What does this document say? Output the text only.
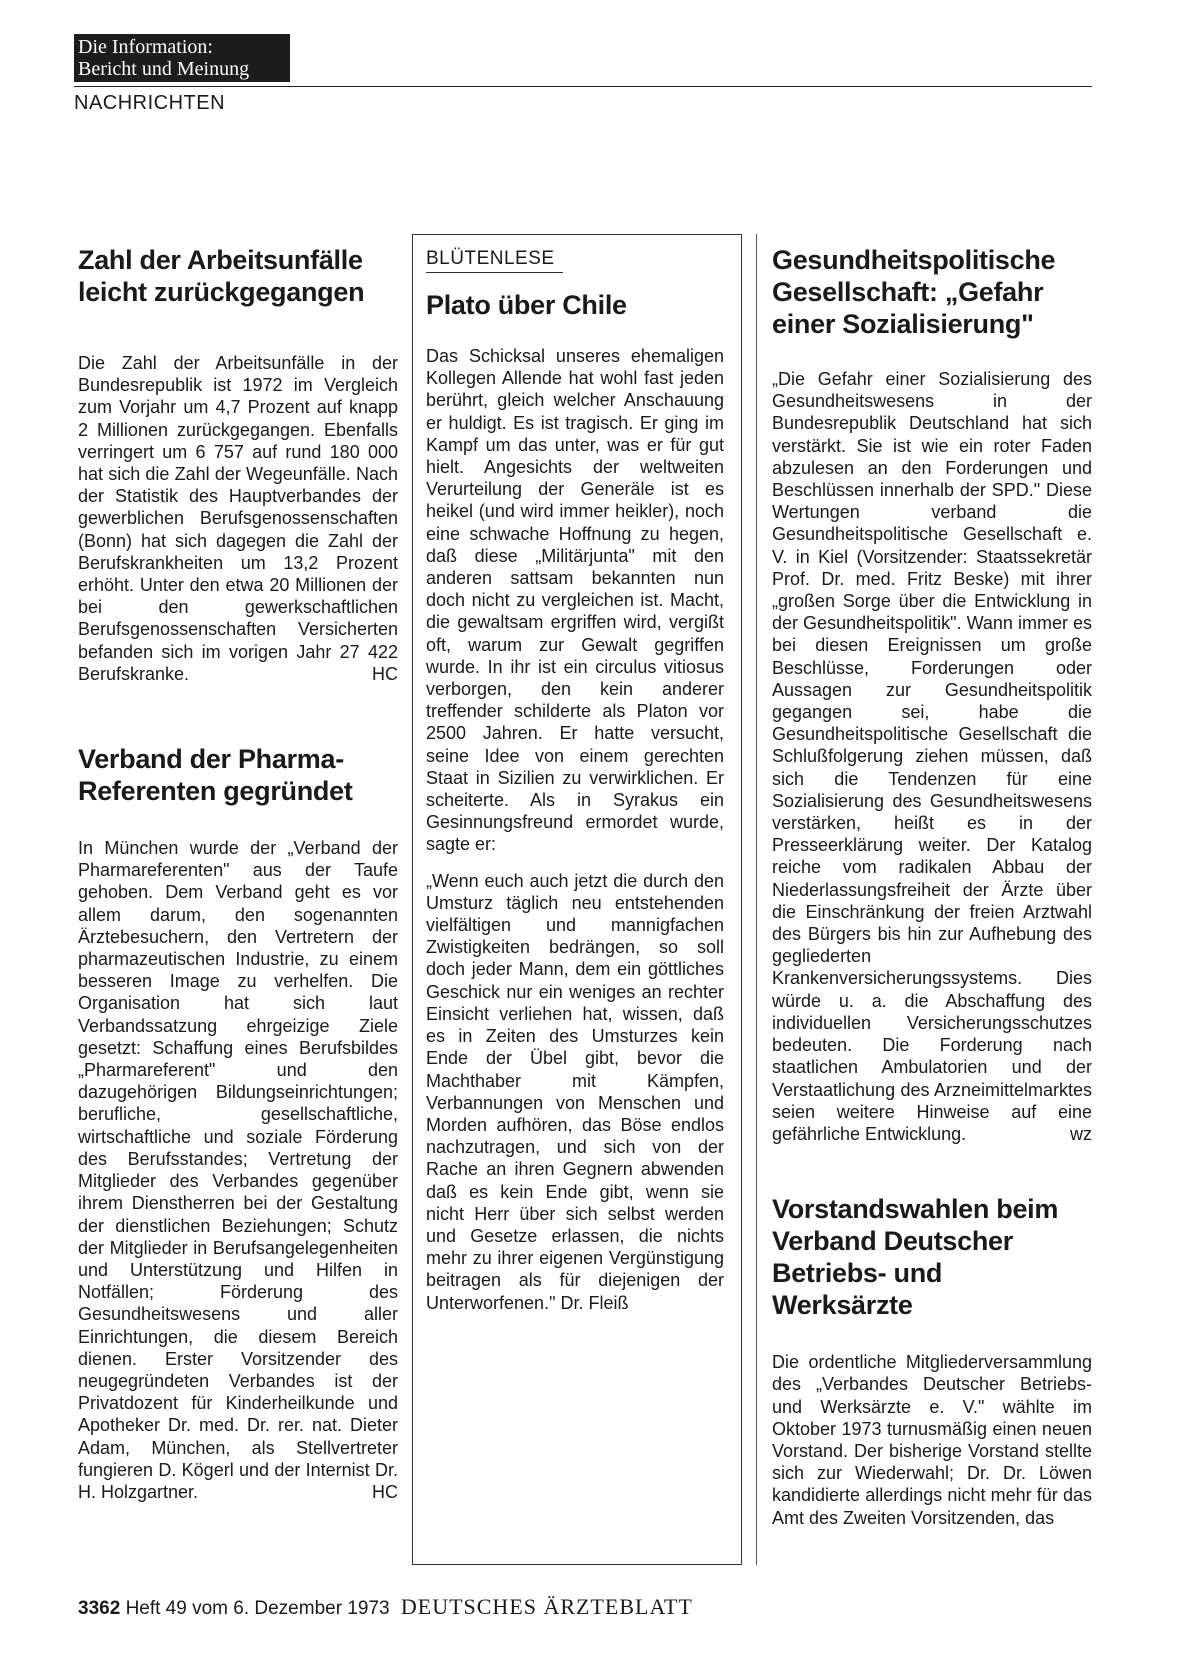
Die Information:
Bericht und Meinung
NACHRICHTEN
Zahl der Arbeitsunfälle leicht zurückgegangen

Die Zahl der Arbeitsunfälle in der Bundesrepublik ist 1972 im Vergleich zum Vorjahr um 4,7 Prozent auf knapp 2 Millionen zurückgegangen. Ebenfalls verringert um 6 757 auf rund 180 000 hat sich die Zahl der Wegeunfälle. Nach der Statistik des Hauptverbandes der gewerblichen Berufsgenossenschaften (Bonn) hat sich dagegen die Zahl der Berufskrankheiten um 13,2 Prozent erhöht. Unter den etwa 20 Millionen der bei den gewerkschaftlichen Berufsgenossenschaften Versicherten befanden sich im vorigen Jahr 27 422 Berufskranke.	HC

Verband der Pharma-Referenten gegründet

In München wurde der „Verband der Pharmareferenten" aus der Taufe gehoben. Dem Verband geht es vor allem darum, den sogenannten Ärztebesuchern, den Vertretern der pharmazeutischen Industrie, zu einem besseren Image zu verhelfen. Die Organisation hat sich laut Verbandssatzung ehrgeizige Ziele gesetzt: Schaffung eines Berufsbildes „Pharmareferent" und den dazugehörigen Bildungseinrichtungen; berufliche, gesellschaftliche, wirtschaftliche und soziale Förderung des Berufsstandes; Vertretung der Mitglieder des Verbandes gegenüber ihrem Dienstherren bei der Gestaltung der dienstlichen Beziehungen; Schutz der Mitglieder in Berufsangelegenheiten und Unterstützung und Hilfen in Notfällen; Förderung des Gesundheitswesens und aller Einrichtungen, die diesem Bereich dienen. Erster Vorsitzender des neugegründeten Verbandes ist der Privatdozent für Kinderheilkunde und Apotheker Dr. med. Dr. rer. nat. Dieter Adam, München, als Stellvertreter fungieren D. Kögerl und der Internist Dr. H. Holzgartner.	HC

BLÜTENLESE
Plato über Chile

Das Schicksal unseres ehemaligen Kollegen Allende hat wohl fast jeden berührt, gleich welcher Anschauung er huldigt. Es ist tragisch. Er ging im Kampf um das unter, was er für gut hielt. Angesichts der weltweiten Verurteilung der Generäle ist es heikel (und wird immer heikler), noch eine schwache Hoffnung zu hegen, daß diese „Militärjunta" mit den anderen sattsam bekannten nun doch nicht zu vergleichen ist. Macht, die gewaltsam ergriffen wird, vergißt oft, warum zur Gewalt gegriffen wurde. In ihr ist ein circulus vitiosus verborgen, den kein anderer treffender schilderte als Platon vor 2500 Jahren. Er hatte versucht, seine Idee von einem gerechten Staat in Sizilien zu verwirklichen. Er scheiterte. Als in Syrakus ein Gesinnungsfreund ermordet wurde, sagte er:

„Wenn euch auch jetzt die durch den Umsturz täglich neu entstehenden vielfältigen und mannigfachen Zwistigkeiten bedrängen, so soll doch jeder Mann, dem ein göttliches Geschick nur ein weniges an rechter Einsicht verliehen hat, wissen, daß es in Zeiten des Umsturzes kein Ende der Übel gibt, bevor die Machthaber mit Kämpfen, Verbannungen von Menschen und Morden aufhören, das Böse endlos nachzutragen, und sich von der Rache an ihren Gegnern abwenden daß es kein Ende gibt, wenn sie nicht Herr über sich selbst werden und Gesetze erlassen, die nichts mehr zu ihrer eigenen Vergünstigung beitragen als für diejenigen der Unterworfenen." Dr. Fleiß

Gesundheitspolitische Gesellschaft: „Gefahr einer Sozialisierung"

„Die Gefahr einer Sozialisierung des Gesundheitswesens in der Bundesrepublik Deutschland hat sich verstärkt. Sie ist wie ein roter Faden abzulesen an den Forderungen und Beschlüssen innerhalb der SPD." Diese Wertungen verband die Gesundheitspolitische Gesellschaft e. V. in Kiel (Vorsitzender: Staatssekretär Prof. Dr. med. Fritz Beske) mit ihrer „großen Sorge über die Entwicklung in der Gesundheitspolitik". Wann immer es bei diesen Ereignissen um große Beschlüsse, Forderungen oder Aussagen zur Gesundheitspolitik gegangen sei, habe die Gesundheitspolitische Gesellschaft die Schlußfolgerung ziehen müssen, daß sich die Tendenzen für eine Sozialisierung des Gesundheitswesens verstärken, heißt es in der Presseerklärung weiter. Der Katalog reiche vom radikalen Abbau der Niederlassungsfreiheit der Ärzte über die Einschränkung der freien Arztwahl des Bürgers bis hin zur Aufhebung des gegliederten Krankenversicherungssystems. Dies würde u. a. die Abschaffung des individuellen Versicherungsschutzes bedeuten. Die Forderung nach staatlichen Ambulatorien und der Verstaatlichung des Arzneimittelmarktes seien weitere Hinweise auf eine gefährliche Entwicklung.	wz

Vorstandswahlen beim Verband Deutscher Betriebs- und Werksärzte

Die ordentliche Mitgliederversammlung des „Verbandes Deutscher Betriebs- und Werksärzte e. V." wählte im Oktober 1973 turnusmäßig einen neuen Vorstand. Der bisherige Vorstand stellte sich zur Wiederwahl; Dr. Dr. Löwen kandidierte allerdings nicht mehr für das Amt des Zweiten Vorsitzenden, das

3362 Heft 49 vom 6. Dezember 1973 DEUTSCHES ÄRZTEBLATT
